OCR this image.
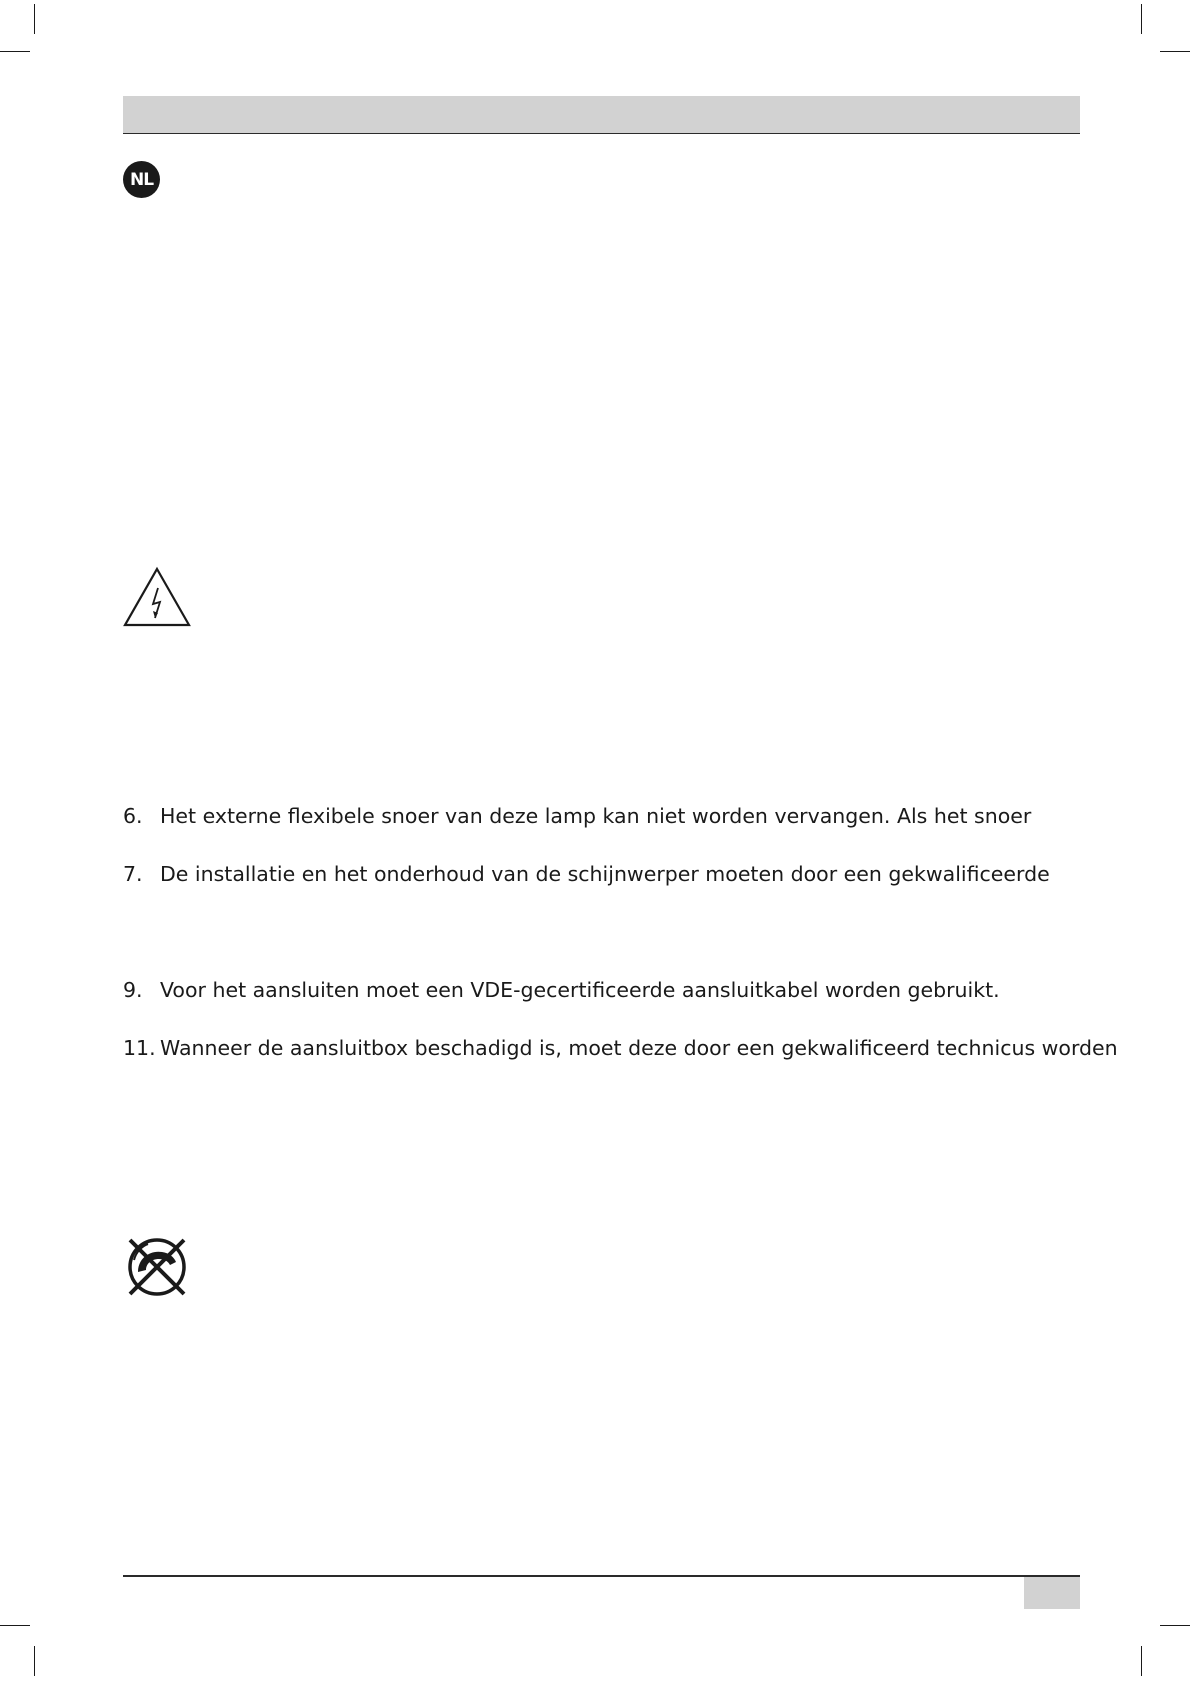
NL
6. Het externe flexibele snoer van deze lamp kan niet worden vervangen. Als het snoer
7. De installatie en het onderhoud van de schijnwerper moeten door een gekwalificeerde
9. Voor het aansluiten moet een VDE-gecertificeerde aansluitkabel worden gebruikt.
11. Wanneer de aansluitbox beschadigd is, moet deze door een gekwalificeerd technicus worden
